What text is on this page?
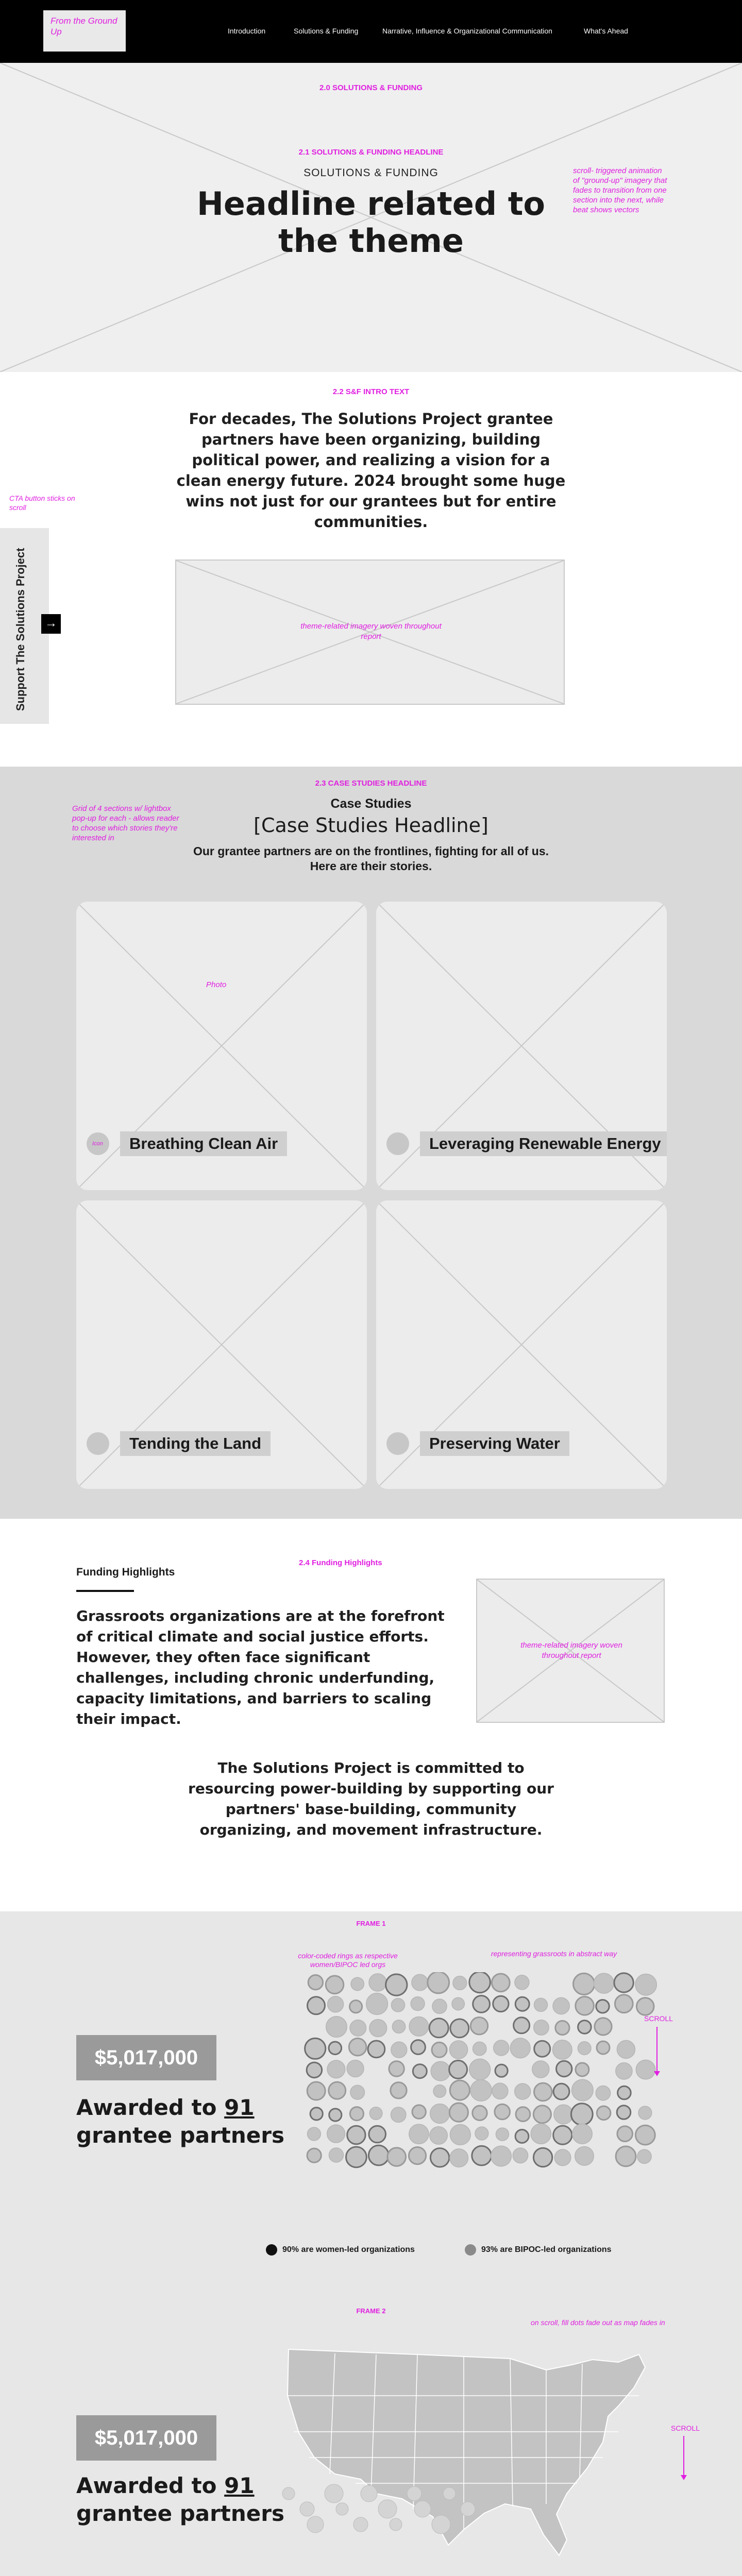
From the Ground Up	Introduction	Solutions & Funding	Narrative, Influence & Organizational Communication	What's Ahead
2.0 SOLUTIONS & FUNDING
2.1 SOLUTIONS & FUNDING HEADLINE
SOLUTIONS & FUNDING
Headline related to
the theme
scroll- triggered animation of "ground-up" imagery that fades to transition from one section into the next, while beat shows vectors
2.2 S&F INTRO TEXT
For decades, The Solutions Project grantee partners have been organizing, building political power, and realizing a vision for a clean energy future. 2024 brought some huge wins not just for our grantees but for entire communities.
theme-related imagery woven throughout report
CTA button sticks on scroll
Support The Solutions Project →
2.3 CASE STUDIES HEADLINE
Grid of 4 sections w/ lightbox pop-up for each - allows reader to choose which stories they're interested in
Case Studies
[Case Studies Headline]
Our grantee partners are on the frontlines, fighting for all of us.
Here are their stories.
Photo
Icon	Breathing Clean Air	Leveraging Renewable Energy
Tending the Land	Preserving Water
2.4 Funding Highlights
Funding Highlights
Grassroots organizations are at the forefront of critical climate and social justice efforts. However, they often face significant challenges, including chronic underfunding, capacity limitations, and barriers to scaling their impact.
theme-related imagery woven throughout report
The Solutions Project is committed to resourcing power-building by supporting our partners' base-building, community organizing, and movement infrastructure.
FRAME 1
color-coded rings as respective women/BIPOC led orgs
representing grassroots in abstract way
$5,017,000
Awarded to 91
grantee partners
SCROLL
90% are women-led organizations	93% are BIPOC-led organizations
FRAME 2
on scroll, fill dots fade out as map fades in
$5,017,000
Awarded to 91
grantee partners
SCROLL
